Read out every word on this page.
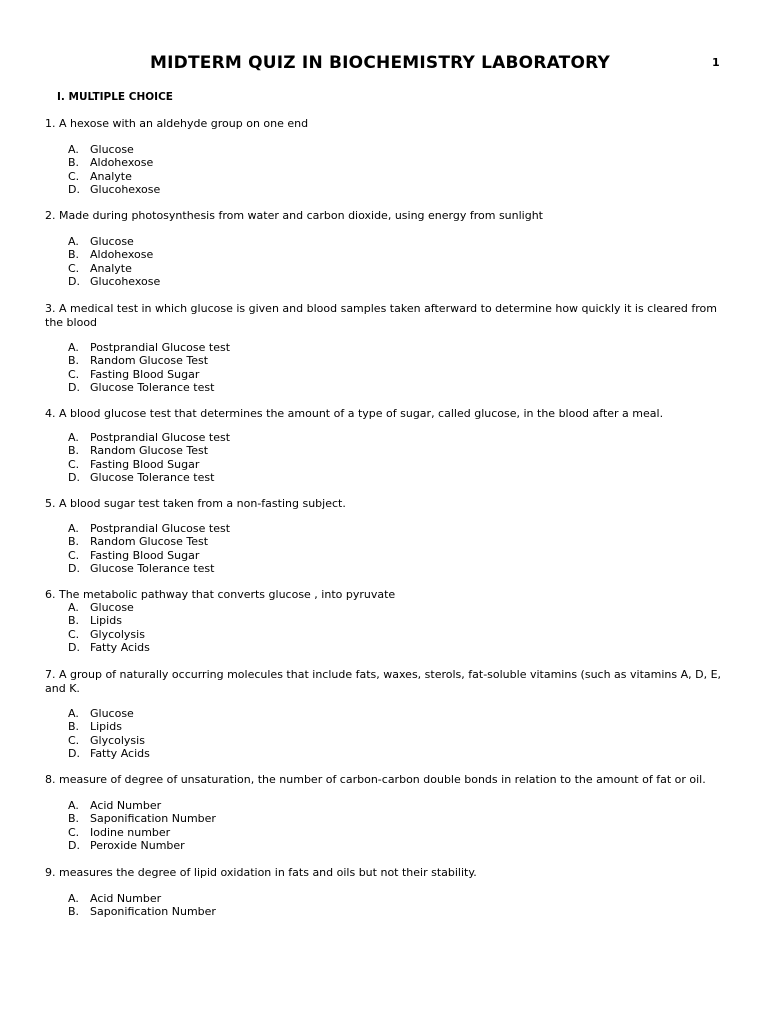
MIDTERM QUIZ IN BIOCHEMISTRY LABORATORY	1
I. MULTIPLE CHOICE
1. A hexose with an aldehyde group on one end
A.	Glucose
B. Aldohexose
C. Analyte
D. Glucohexose
2. Made during photosynthesis from water and carbon dioxide, using energy from sunlight
A.	Glucose
B. Aldohexose
C. Analyte
D. Glucohexose
3. A medical test in which glucose is given and blood samples taken afterward to determine how quickly it is cleared from the blood
A.	Postprandial Glucose test
B. Random Glucose Test
C. Fasting Blood Sugar
D. Glucose Tolerance test
4. A blood glucose test that determines the amount of a type of sugar, called glucose, in the blood after a meal.
A.	Postprandial Glucose test
B. Random Glucose Test
C. Fasting Blood Sugar
D. Glucose Tolerance test
5. A blood sugar test taken from a non-fasting subject.
A.	Postprandial Glucose test
B. Random Glucose Test
C. Fasting Blood Sugar
D. Glucose Tolerance test
6. The metabolic pathway that converts glucose , into pyruvate
A.	Glucose
B. Lipids
C. Glycolysis
D. Fatty Acids
7. A group of naturally occurring molecules that include fats, waxes, sterols, fat-soluble vitamins (such as vitamins A, D, E, and K.
A.	Glucose
B. Lipids
C. Glycolysis
D. Fatty Acids
8. measure of degree of unsaturation, the number of carbon-carbon double bonds in relation to the amount of fat or oil.
A.	Acid Number
B. Saponification Number
C. Iodine number
D. Peroxide Number
9. measures the degree of lipid oxidation in fats and oils but not their stability.
A.	Acid Number
B. Saponification Number
